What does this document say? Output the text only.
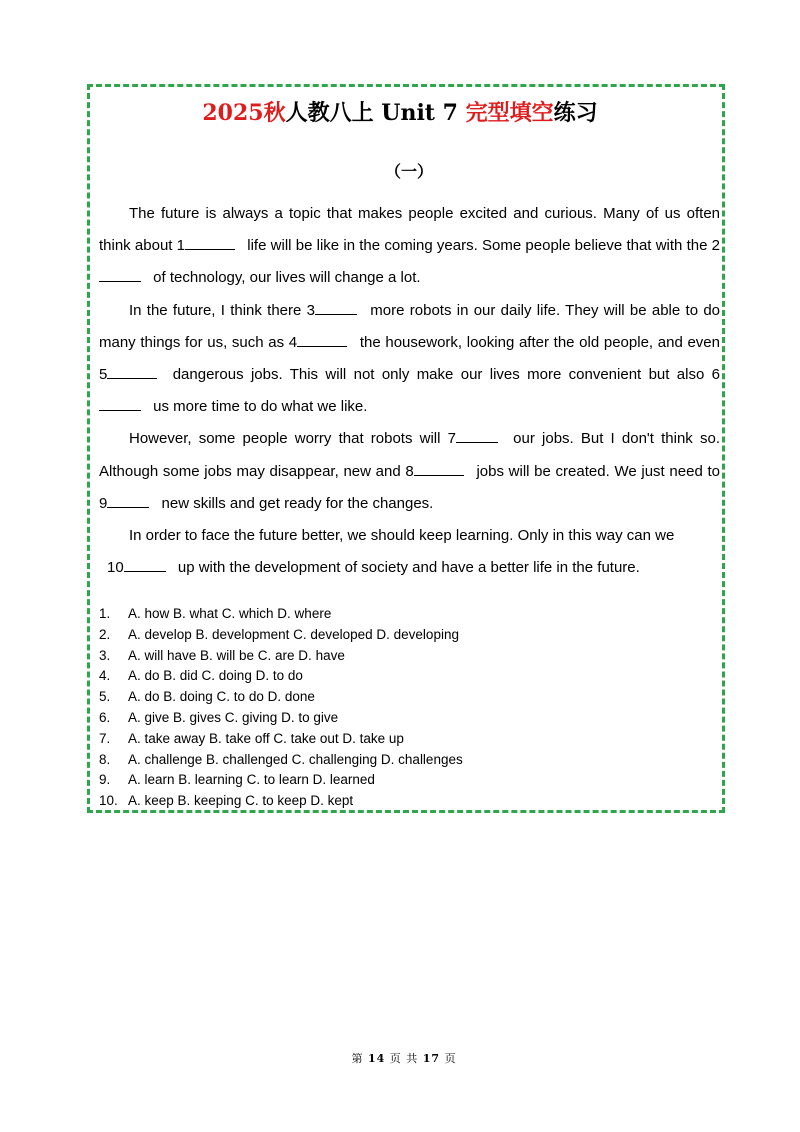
2025秋人教八上 Unit 7 完型填空练习
（一）

The future is always a topic that makes people excited and curious. Many of us often think about 1	life will be like in the coming years. Some people believe that with the 2 of technology, our lives will change a lot.

In the future, I think there 3	more robots in our daily life. They will be able to do many things for us, such as 4	the housework, looking after the old people, and even 5	dangerous jobs. This will not only make our lives more convenient but also 6 us more time to do what we like.

However, some people worry that robots will 7	our jobs. But I don't think so. Although some jobs may disappear, new and 8	jobs will be created. We just need to 9	new skills and get ready for the changes.

In order to face the future better, we should keep learning. Only in this way can we
10	up with the development of society and have a better life in the future.

1.	A. how B. what C. which D. where
2.	A. develop B. development C. developed D. developing
3.	A. will have B. will be C. are D. have
4.	A. do B. did C. doing D. to do
5.	A. do B. doing C. to do D. done
6.	A. give B. gives C. giving D. to give
7.	A. take away B. take off C. take out D. take up
8.	A. challenge B. challenged C. challenging D. challenges
9.	A. learn B. learning C. to learn D. learned
10. A. keep B. keeping C. to keep D. kept
第 14 页 共 17 页
